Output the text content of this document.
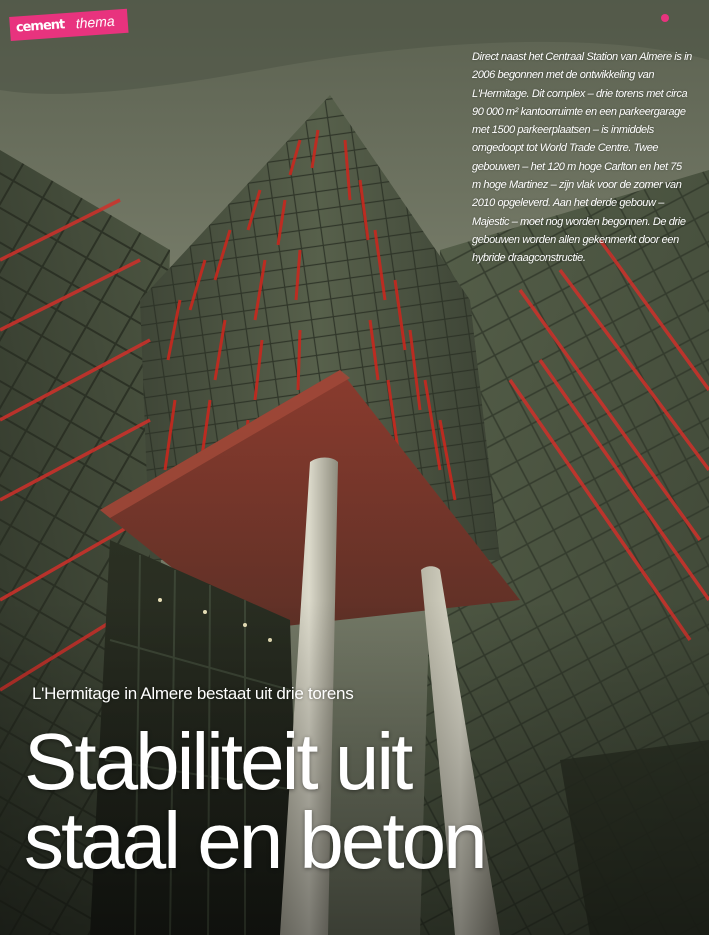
cement thema
Direct naast het Centraal Station van Almere is in 2006 begonnen met de ontwikkeling van L'Hermitage. Dit complex – drie torens met circa 90 000 m² kantoorruimte en een parkeergarage met 1500 parkeerplaatsen – is inmiddels omgedoopt tot World Trade Centre. Twee gebouwen – het 120 m hoge Carlton en het 75 m hoge Martinez – zijn vlak voor de zomer van 2010 opgeleverd. Aan het derde gebouw – Majestic – moet nog worden begonnen. De drie gebouwen worden allen gekenmerkt door een hybride draagconstructie.
L'Hermitage in Almere bestaat uit drie torens
Stabiliteit uit
staal en beton
